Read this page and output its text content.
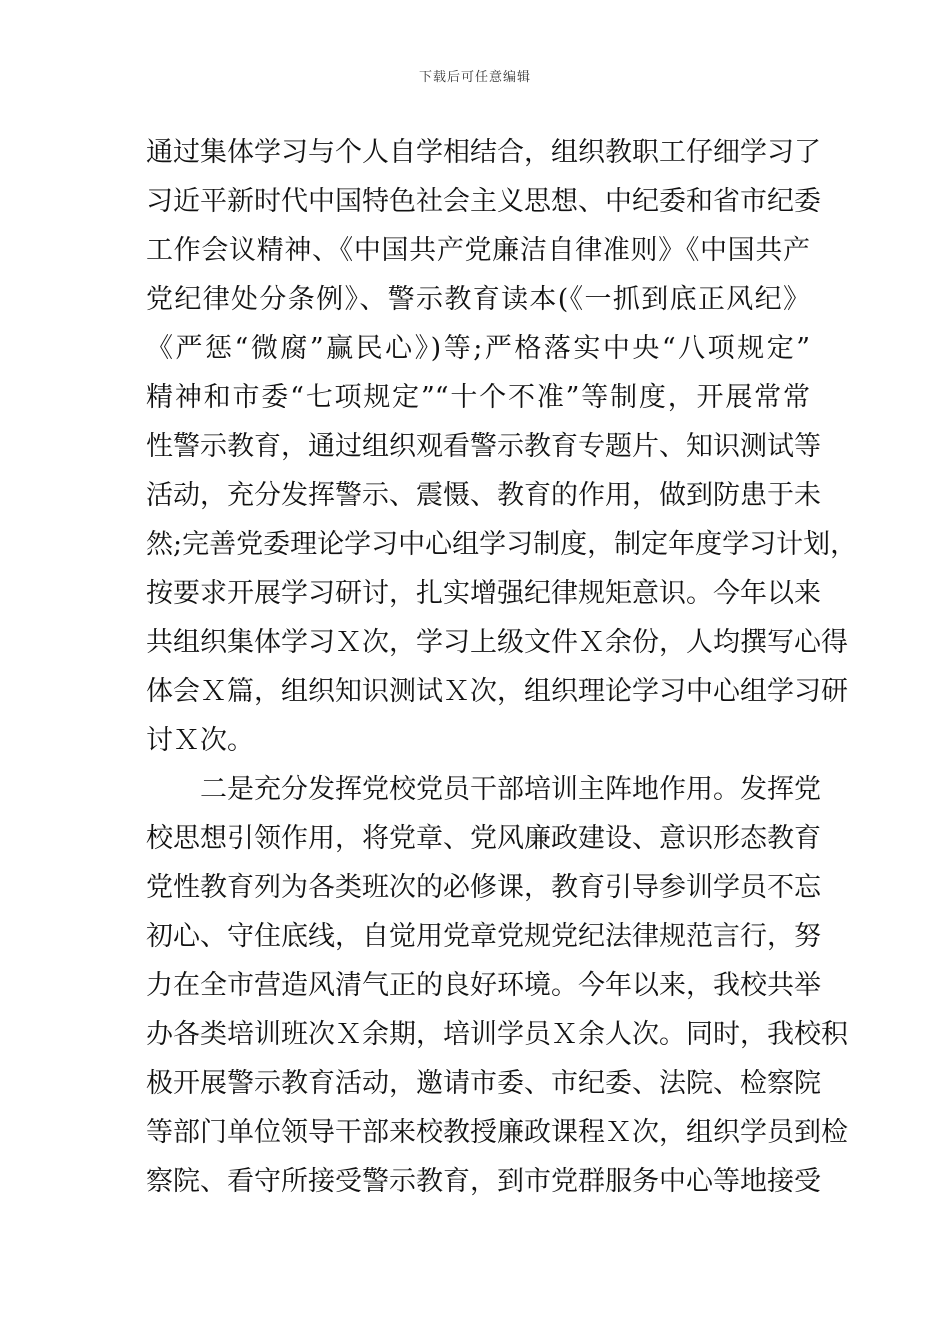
下载后可任意编辑
通过集体学习与个人自学相结合，组织教职工仔细学习了
习近平新时代中国特色社会主义思想、中纪委和省市纪委
工作会议精神、《中国共产党廉洁自律准则》《中国共产
党纪律处分条例》、警示教育读本(《一抓到底正风纪》
《严惩“微腐”赢民心》)等;严格落实中央“八项规定”
精神和市委“七项规定”“十个不准”等制度，开展常常
性警示教育，通过组织观看警示教育专题片、知识测试等
活动，充分发挥警示、震慑、教育的作用，做到防患于未
然;完善党委理论学习中心组学习制度，制定年度学习计划，
按要求开展学习研讨，扎实增强纪律规矩意识。今年以来
共组织集体学习Ｘ次，学习上级文件Ｘ余份，人均撰写心得
体会Ｘ篇，组织知识测试Ｘ次，组织理论学习中心组学习研
讨Ｘ次。
二是充分发挥党校党员干部培训主阵地作用。发挥党
校思想引领作用，将党章、党风廉政建设、意识形态教育
党性教育列为各类班次的必修课，教育引导参训学员不忘
初心、守住底线，自觉用党章党规党纪法律规范言行，努
力在全市营造风清气正的良好环境。今年以来，我校共举
办各类培训班次Ｘ余期，培训学员Ｘ余人次。同时，我校积
极开展警示教育活动，邀请市委、市纪委、法院、检察院
等部门单位领导干部来校教授廉政课程Ｘ次，组织学员到检
察院、看守所接受警示教育，到市党群服务中心等地接受
